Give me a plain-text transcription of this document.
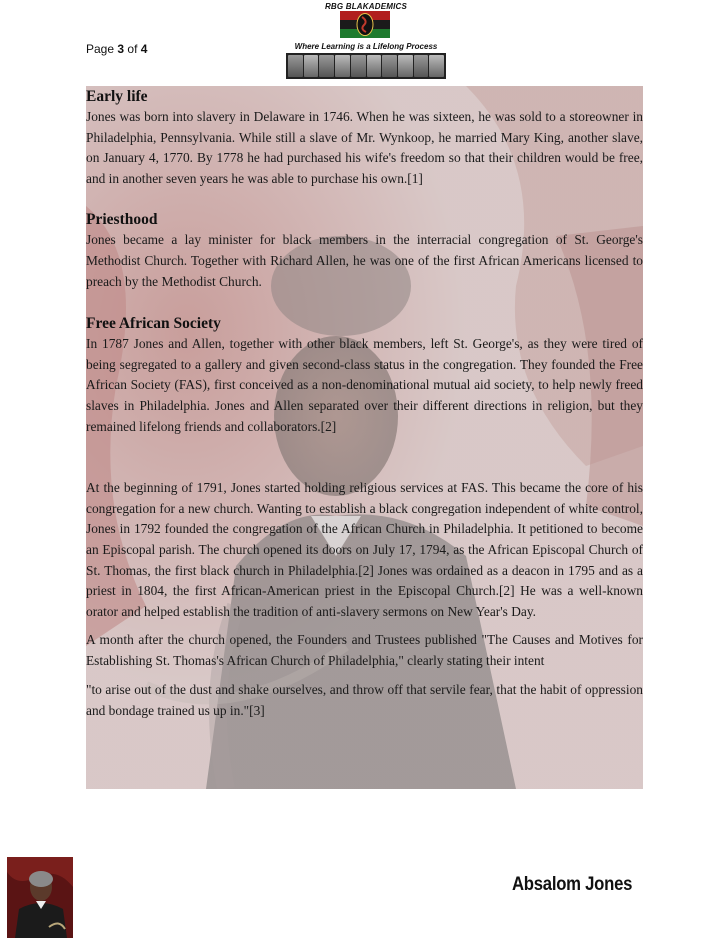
Page 3 of 4
RBG BLAKADEMICS
Where Learning is a Lifelong Process
Early life

Jones was born into slavery in Delaware in 1746. When he was sixteen, he was sold to a storeowner in Philadelphia, Pennsylvania. While still a slave of Mr. Wynkoop, he married Mary King, another slave, on January 4, 1770. By 1778 he had purchased his wife's freedom so that their children would be free, and in another seven years he was able to purchase his own.[1]

Priesthood

Jones became a lay minister for black members in the interracial congregation of St. George's Methodist Church. Together with Richard Allen, he was one of the first African Americans licensed to preach by the Methodist Church.

Free African Society

In 1787 Jones and Allen, together with other black members, left St. George's, as they were tired of being segregated to a gallery and given second-class status in the congregation. They founded the Free African Society (FAS), first conceived as a non-denominational mutual aid society, to help newly freed slaves in Philadelphia. Jones and Allen separated over their different directions in religion, but they remained lifelong friends and collaborators.[2]

At the beginning of 1791, Jones started holding religious services at FAS. This became the core of his congregation for a new church. Wanting to establish a black congregation independent of white control, Jones in 1792 founded the congregation of the African Church in Philadelphia. It petitioned to become an Episcopal parish. The church opened its doors on July 17, 1794, as the African Episcopal Church of St. Thomas, the first black church in Philadelphia.[2] Jones was ordained as a deacon in 1795 and as a priest in 1804, the first African-American priest in the Episcopal Church.[2] He was a well-known orator and helped establish the tradition of anti-slavery sermons on New Year's Day.

A month after the church opened, the Founders and Trustees published "The Causes and Motives for Establishing St. Thomas's African Church of Philadelphia," clearly stating their intent

"to arise out of the dust and shake ourselves, and throw off that servile fear, that the habit of oppression and bondage trained us up in."[3]

Absalom Jones
